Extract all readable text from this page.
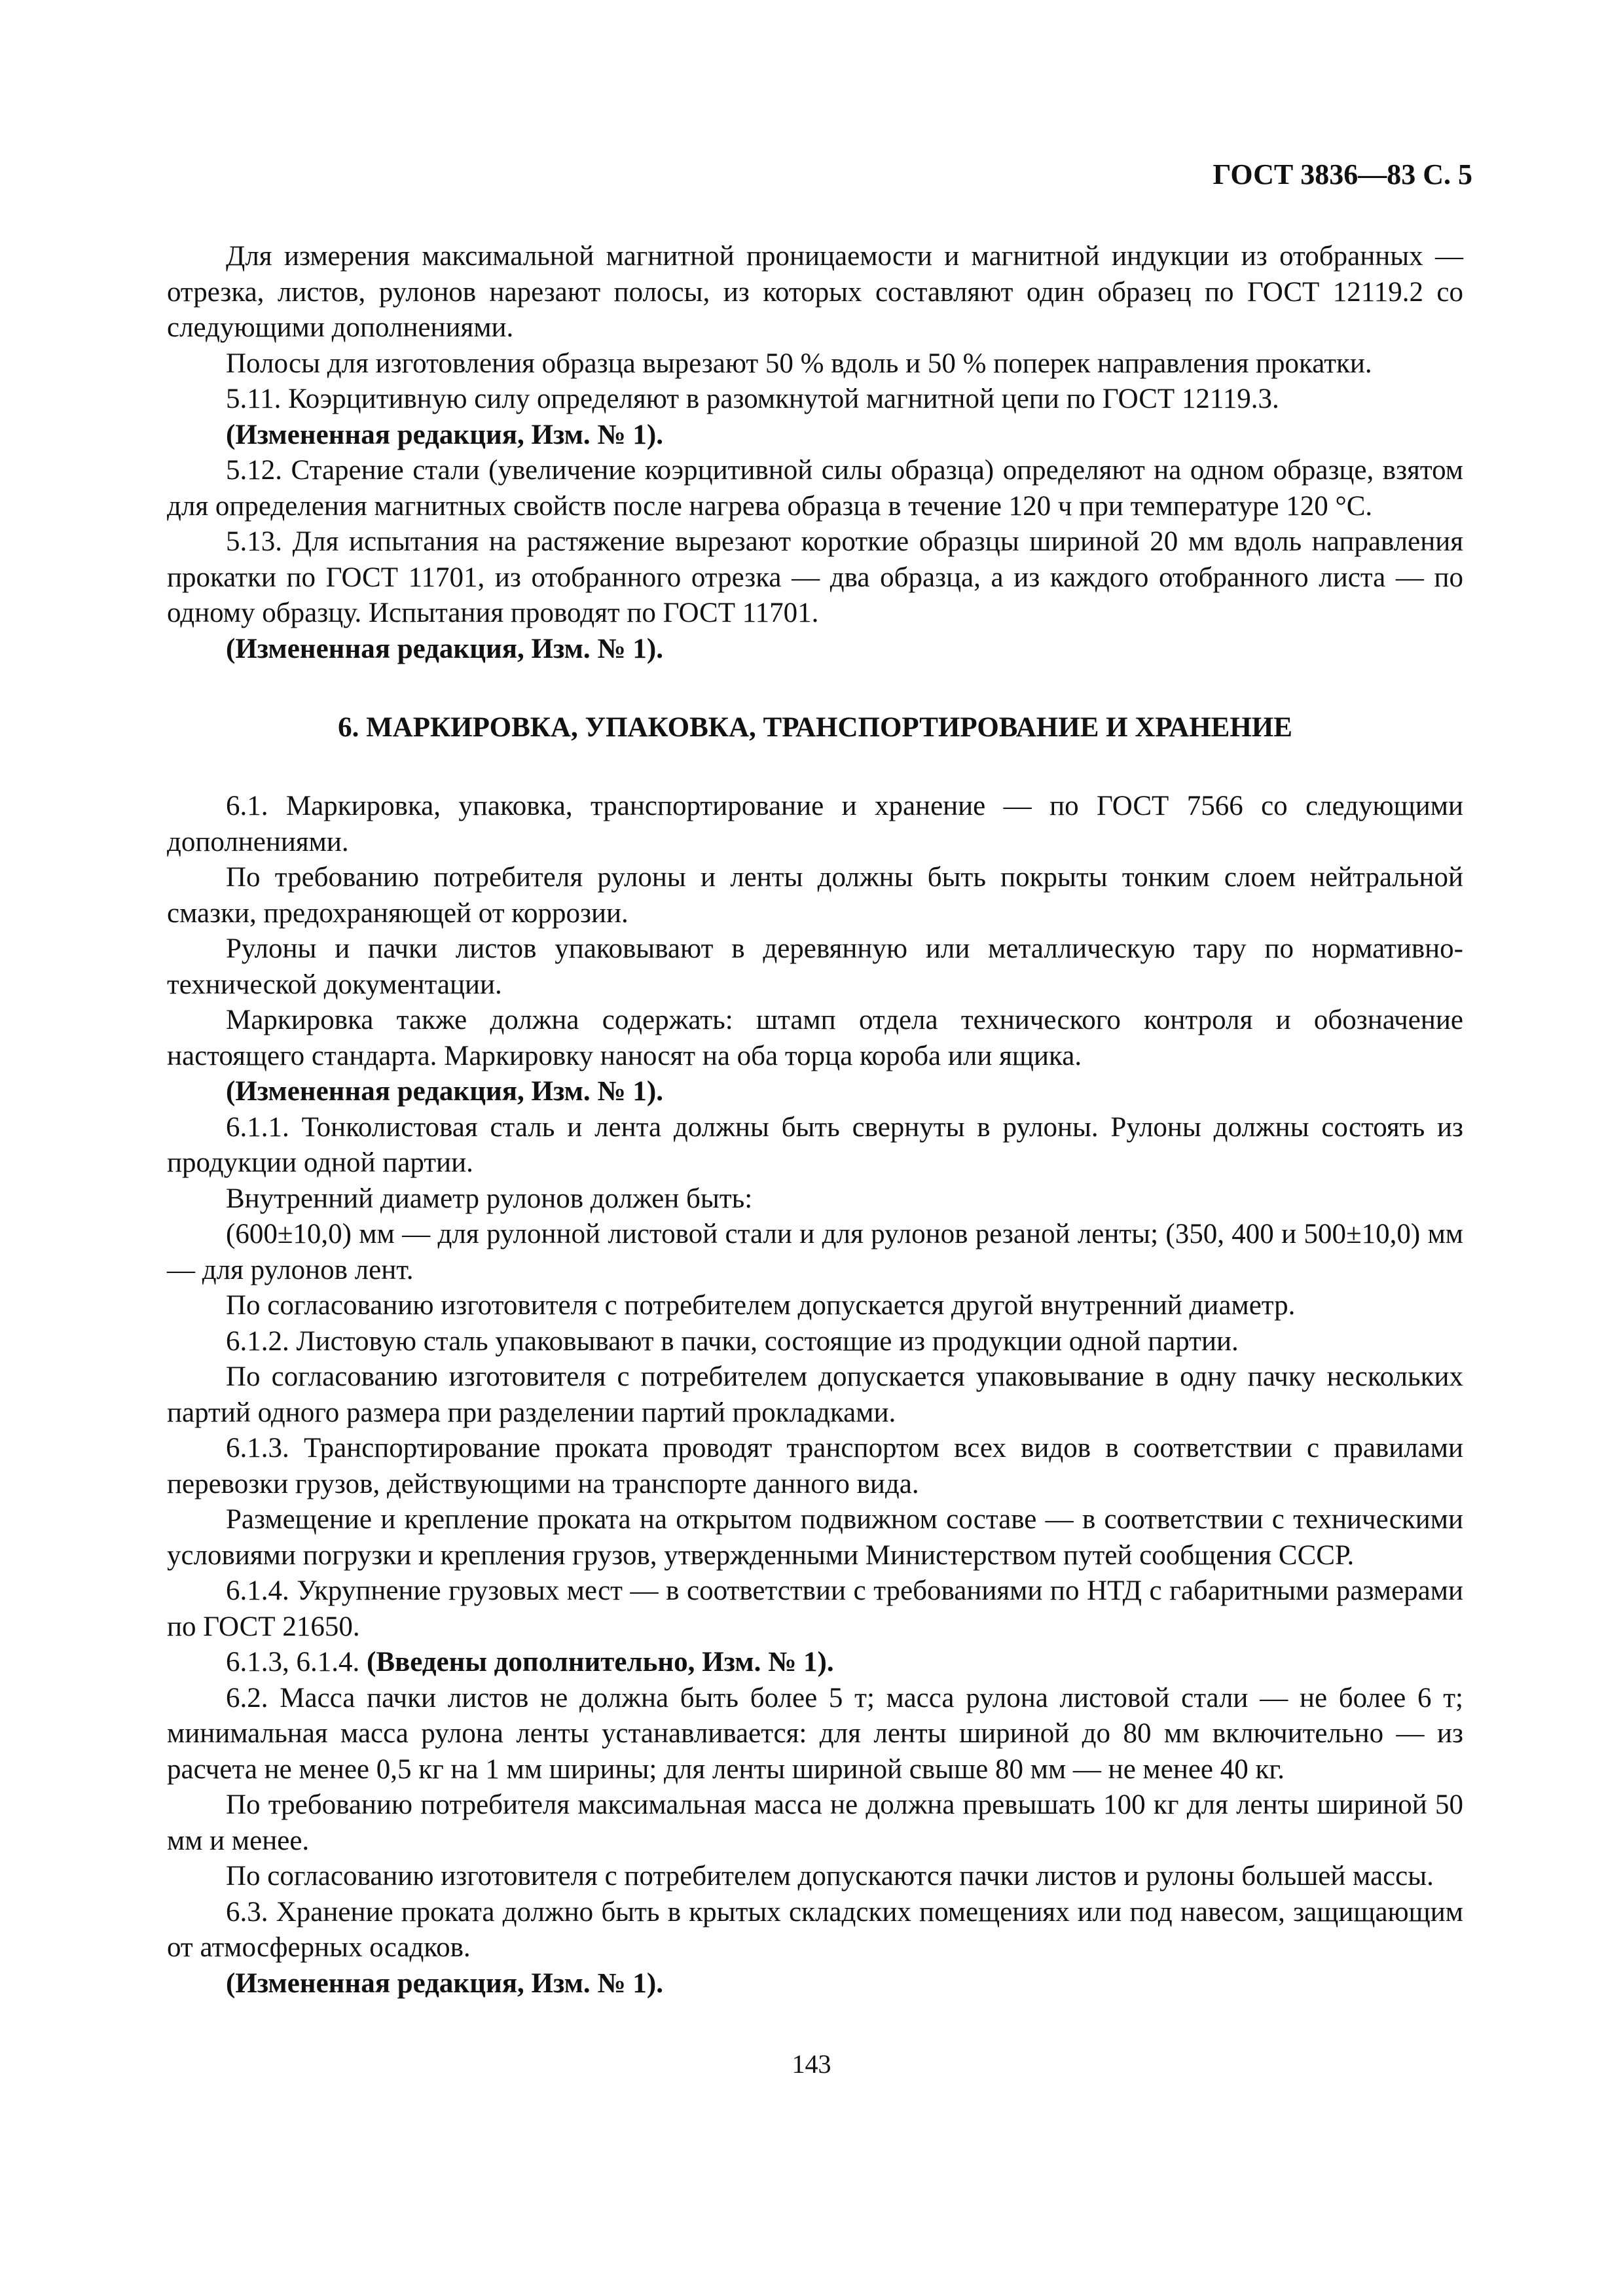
ГОСТ 3836—83 С. 5

Для измерения максимальной магнитной проницаемости и магнитной индукции из отобранных — отрезка, листов, рулонов нарезают полосы, из которых составляют один образец по ГОСТ 12119.2 со следующими дополнениями.

Полосы для изготовления образца вырезают 50 % вдоль и 50 % поперек направления прокатки.

5.11. Коэрцитивную силу определяют в разомкнутой магнитной цепи по ГОСТ 12119.3.

(Измененная редакция, Изм. № 1).

5.12. Старение стали (увеличение коэрцитивной силы образца) определяют на одном образце, взятом для определения магнитных свойств после нагрева образца в течение 120 ч при температуре 120 °С.

5.13. Для испытания на растяжение вырезают короткие образцы шириной 20 мм вдоль направления прокатки по ГОСТ 11701, из отобранного отрезка — два образца, а из каждого отобранного листа — по одному образцу. Испытания проводят по ГОСТ 11701.

(Измененная редакция, Изм. № 1).

6. МАРКИРОВКА, УПАКОВКА, ТРАНСПОРТИРОВАНИЕ И ХРАНЕНИЕ

6.1. Маркировка, упаковка, транспортирование и хранение — по ГОСТ 7566 со следующими дополнениями.

По требованию потребителя рулоны и ленты должны быть покрыты тонким слоем нейтральной смазки, предохраняющей от коррозии.

Рулоны и пачки листов упаковывают в деревянную или металлическую тару по нормативно-технической документации.

Маркировка также должна содержать: штамп отдела технического контроля и обозначение настоящего стандарта. Маркировку наносят на оба торца короба или ящика.

(Измененная редакция, Изм. № 1).

6.1.1. Тонколистовая сталь и лента должны быть свернуты в рулоны. Рулоны должны состоять из продукции одной партии.

Внутренний диаметр рулонов должен быть:

(600±10,0) мм — для рулонной листовой стали и для рулонов резаной ленты; (350, 400 и 500±10,0) мм — для рулонов лент.

По согласованию изготовителя с потребителем допускается другой внутренний диаметр.

6.1.2. Листовую сталь упаковывают в пачки, состоящие из продукции одной партии.

По согласованию изготовителя с потребителем допускается упаковывание в одну пачку нескольких партий одного размера при разделении партий прокладками.

6.1.3. Транспортирование проката проводят транспортом всех видов в соответствии с правилами перевозки грузов, действующими на транспорте данного вида.

Размещение и крепление проката на открытом подвижном составе — в соответствии с техническими условиями погрузки и крепления грузов, утвержденными Министерством путей сообщения СССР.

6.1.4. Укрупнение грузовых мест — в соответствии с требованиями по НТД с габаритными размерами по ГОСТ 21650.

6.1.3, 6.1.4. (Введены дополнительно, Изм. № 1).

6.2. Масса пачки листов не должна быть более 5 т; масса рулона листовой стали — не более 6 т; минимальная масса рулона ленты устанавливается: для ленты шириной до 80 мм включительно — из расчета не менее 0,5 кг на 1 мм ширины; для ленты шириной свыше 80 мм — не менее 40 кг.

По требованию потребителя максимальная масса не должна превышать 100 кг для ленты шириной 50 мм и менее.

По согласованию изготовителя с потребителем допускаются пачки листов и рулоны большей массы.

6.3. Хранение проката должно быть в крытых складских помещениях или под навесом, защищающим от атмосферных осадков.

(Измененная редакция, Изм. № 1).

143
